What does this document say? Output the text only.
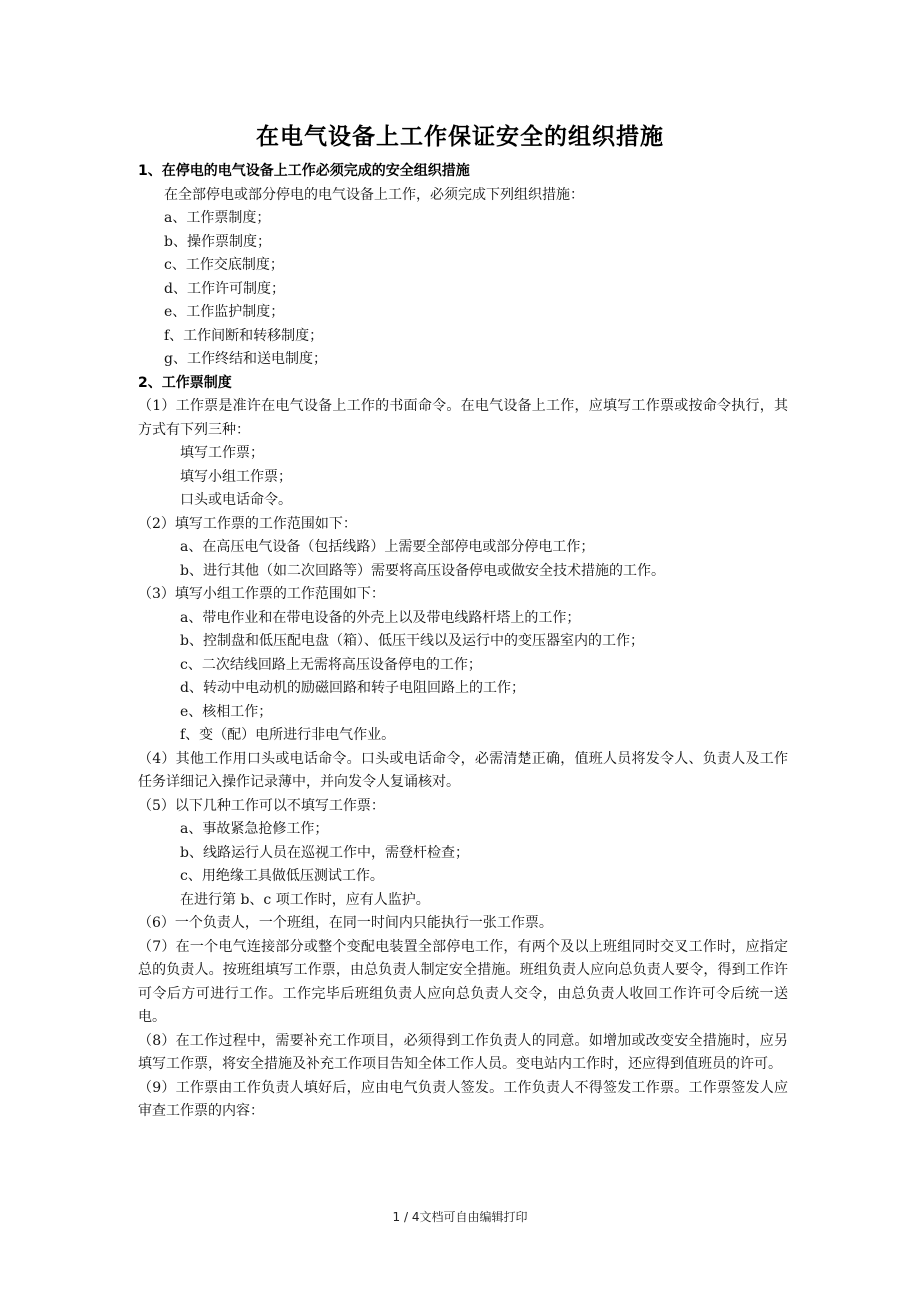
在电气设备上工作保证安全的组织措施
1、在停电的电气设备上工作必须完成的安全组织措施
在全部停电或部分停电的电气设备上工作，必须完成下列组织措施：
a、工作票制度；
b、操作票制度；
c、工作交底制度；
d、工作许可制度；
e、工作监护制度；
f、工作间断和转移制度；
g、工作终结和送电制度；
2、工作票制度

（1）工作票是准许在电气设备上工作的书面命令。在电气设备上工作，应填写工作票或按命令执行，其方式有下列三种：

填写工作票；
填写小组工作票；
口头或电话命令。

（2）填写工作票的工作范围如下：

a、在高压电气设备（包括线路）上需要全部停电或部分停电工作；
b、进行其他（如二次回路等）需要将高压设备停电或做安全技术措施的工作。

（3）填写小组工作票的工作范围如下：

a、带电作业和在带电设备的外壳上以及带电线路杆塔上的工作；
b、控制盘和低压配电盘（箱）、低压干线以及运行中的变压器室内的工作；
c、二次结线回路上无需将高压设备停电的工作；
d、转动中电动机的励磁回路和转子电阻回路上的工作；
e、核相工作；
f、变（配）电所进行非电气作业。

（4）其他工作用口头或电话命令。口头或电话命令，必需清楚正确，值班人员将发令人、负责人及工作任务详细记入操作记录薄中，并向发令人复诵核对。

（5）以下几种工作可以不填写工作票：

a、事故紧急抢修工作；
b、线路运行人员在巡视工作中，需登杆检查；
c、用绝缘工具做低压测试工作。
在进行第 b、c 项工作时，应有人监护。

（6）一个负责人，一个班组，在同一时间内只能执行一张工作票。

（7）在一个电气连接部分或整个变配电装置全部停电工作，有两个及以上班组同时交叉工作时，应指定总的负责人。按班组填写工作票，由总负责人制定安全措施。班组负责人应向总负责人要令，得到工作许可令后方可进行工作。工作完毕后班组负责人应向总负责人交令，由总负责人收回工作许可令后统一送电。

（8）在工作过程中，需要补充工作项目，必须得到工作负责人的同意。如增加或改变安全措施时，应另填写工作票，将安全措施及补充工作项目告知全体工作人员。变电站内工作时，还应得到值班员的许可。

（9）工作票由工作负责人填好后，应由电气负责人签发。工作负责人不得签发工作票。工作票签发人应审查工作票的内容：

1 / 4文档可自由编辑打印
